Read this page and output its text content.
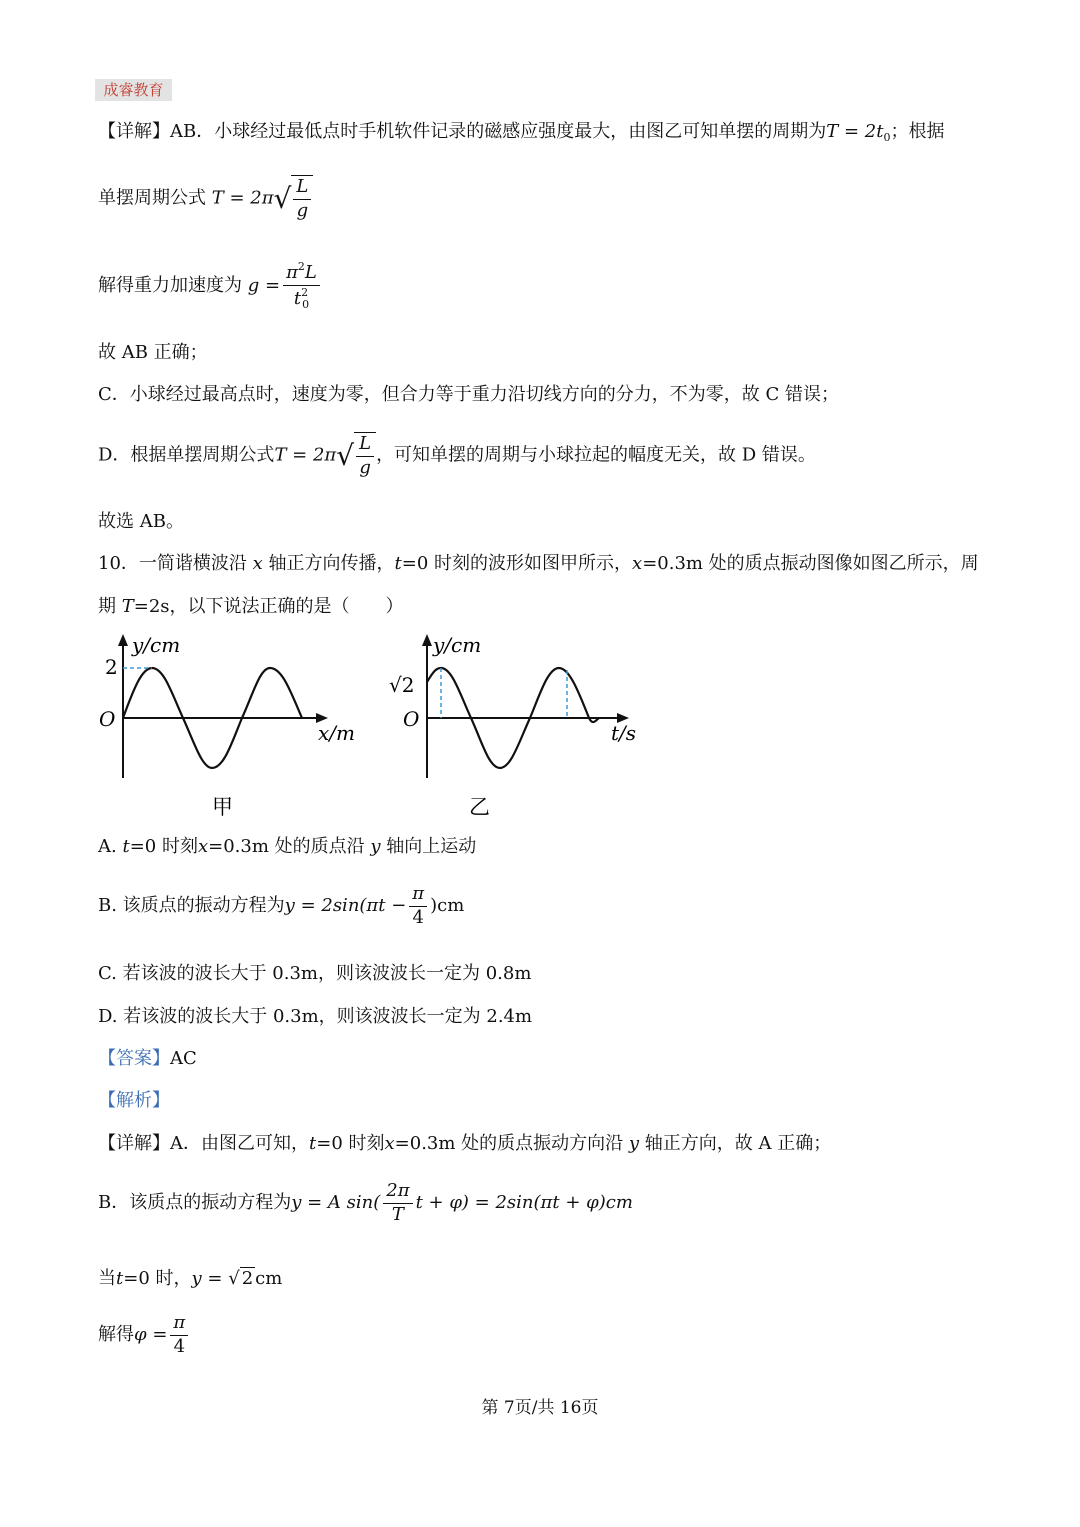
成睿教育
【详解】AB．小球经过最低点时手机软件记录的磁感应强度最大，由图乙可知单摆的周期为$T = 2t_0$；根据
单摆周期公式 $T = 2\pi√ \frac{L}{g}$
解得重力加速度为 $g = \frac{\pi^2L}{t^2_0}$
故 AB 正确；
C．小球经过最高点时，速度为零，但合力等于重力沿切线方向的分力，不为零，故 C 错误；
D．根据单摆周期公式$T = 2\pi√ \frac{L}{g}$ ，可知单摆的周期与小球拉起的幅度无关，故 D 错误。
故选 AB。
10．一简谐横波沿 x 轴正方向传播，t=0 时刻的波形如图甲所示，x=0.3m 处的质点振动图像如图乙所示，周
期 T=2s，以下说法正确的是（　　）
y/cm
2
O
x/m
甲
y/cm
√2
O
t/s
乙
A. t=0 时刻x=0.3m 处的质点沿 y 轴向上运动
B. 该质点的振动方程为$y = 2\sin(\pi t - \frac{\pi}{4} )cm$
C. 若该波的波长大于 0.3m，则该波波长一定为 0.8m
D. 若该波的波长大于 0.3m，则该波波长一定为 2.4m
【答案】AC
【解析】
【详解】A．由图乙可知，t=0 时刻x=0.3m 处的质点振动方向沿 y 轴正方向，故 A 正确；
B．该质点的振动方程为y = A $\sin( \frac{2\pi}{T}$ t + φ) = 2sin(πt + φ)cm
当t=0 时，y = √ 2 cm
解得$\varphi = \frac{\pi}{4}$
第 7页/共 16页
